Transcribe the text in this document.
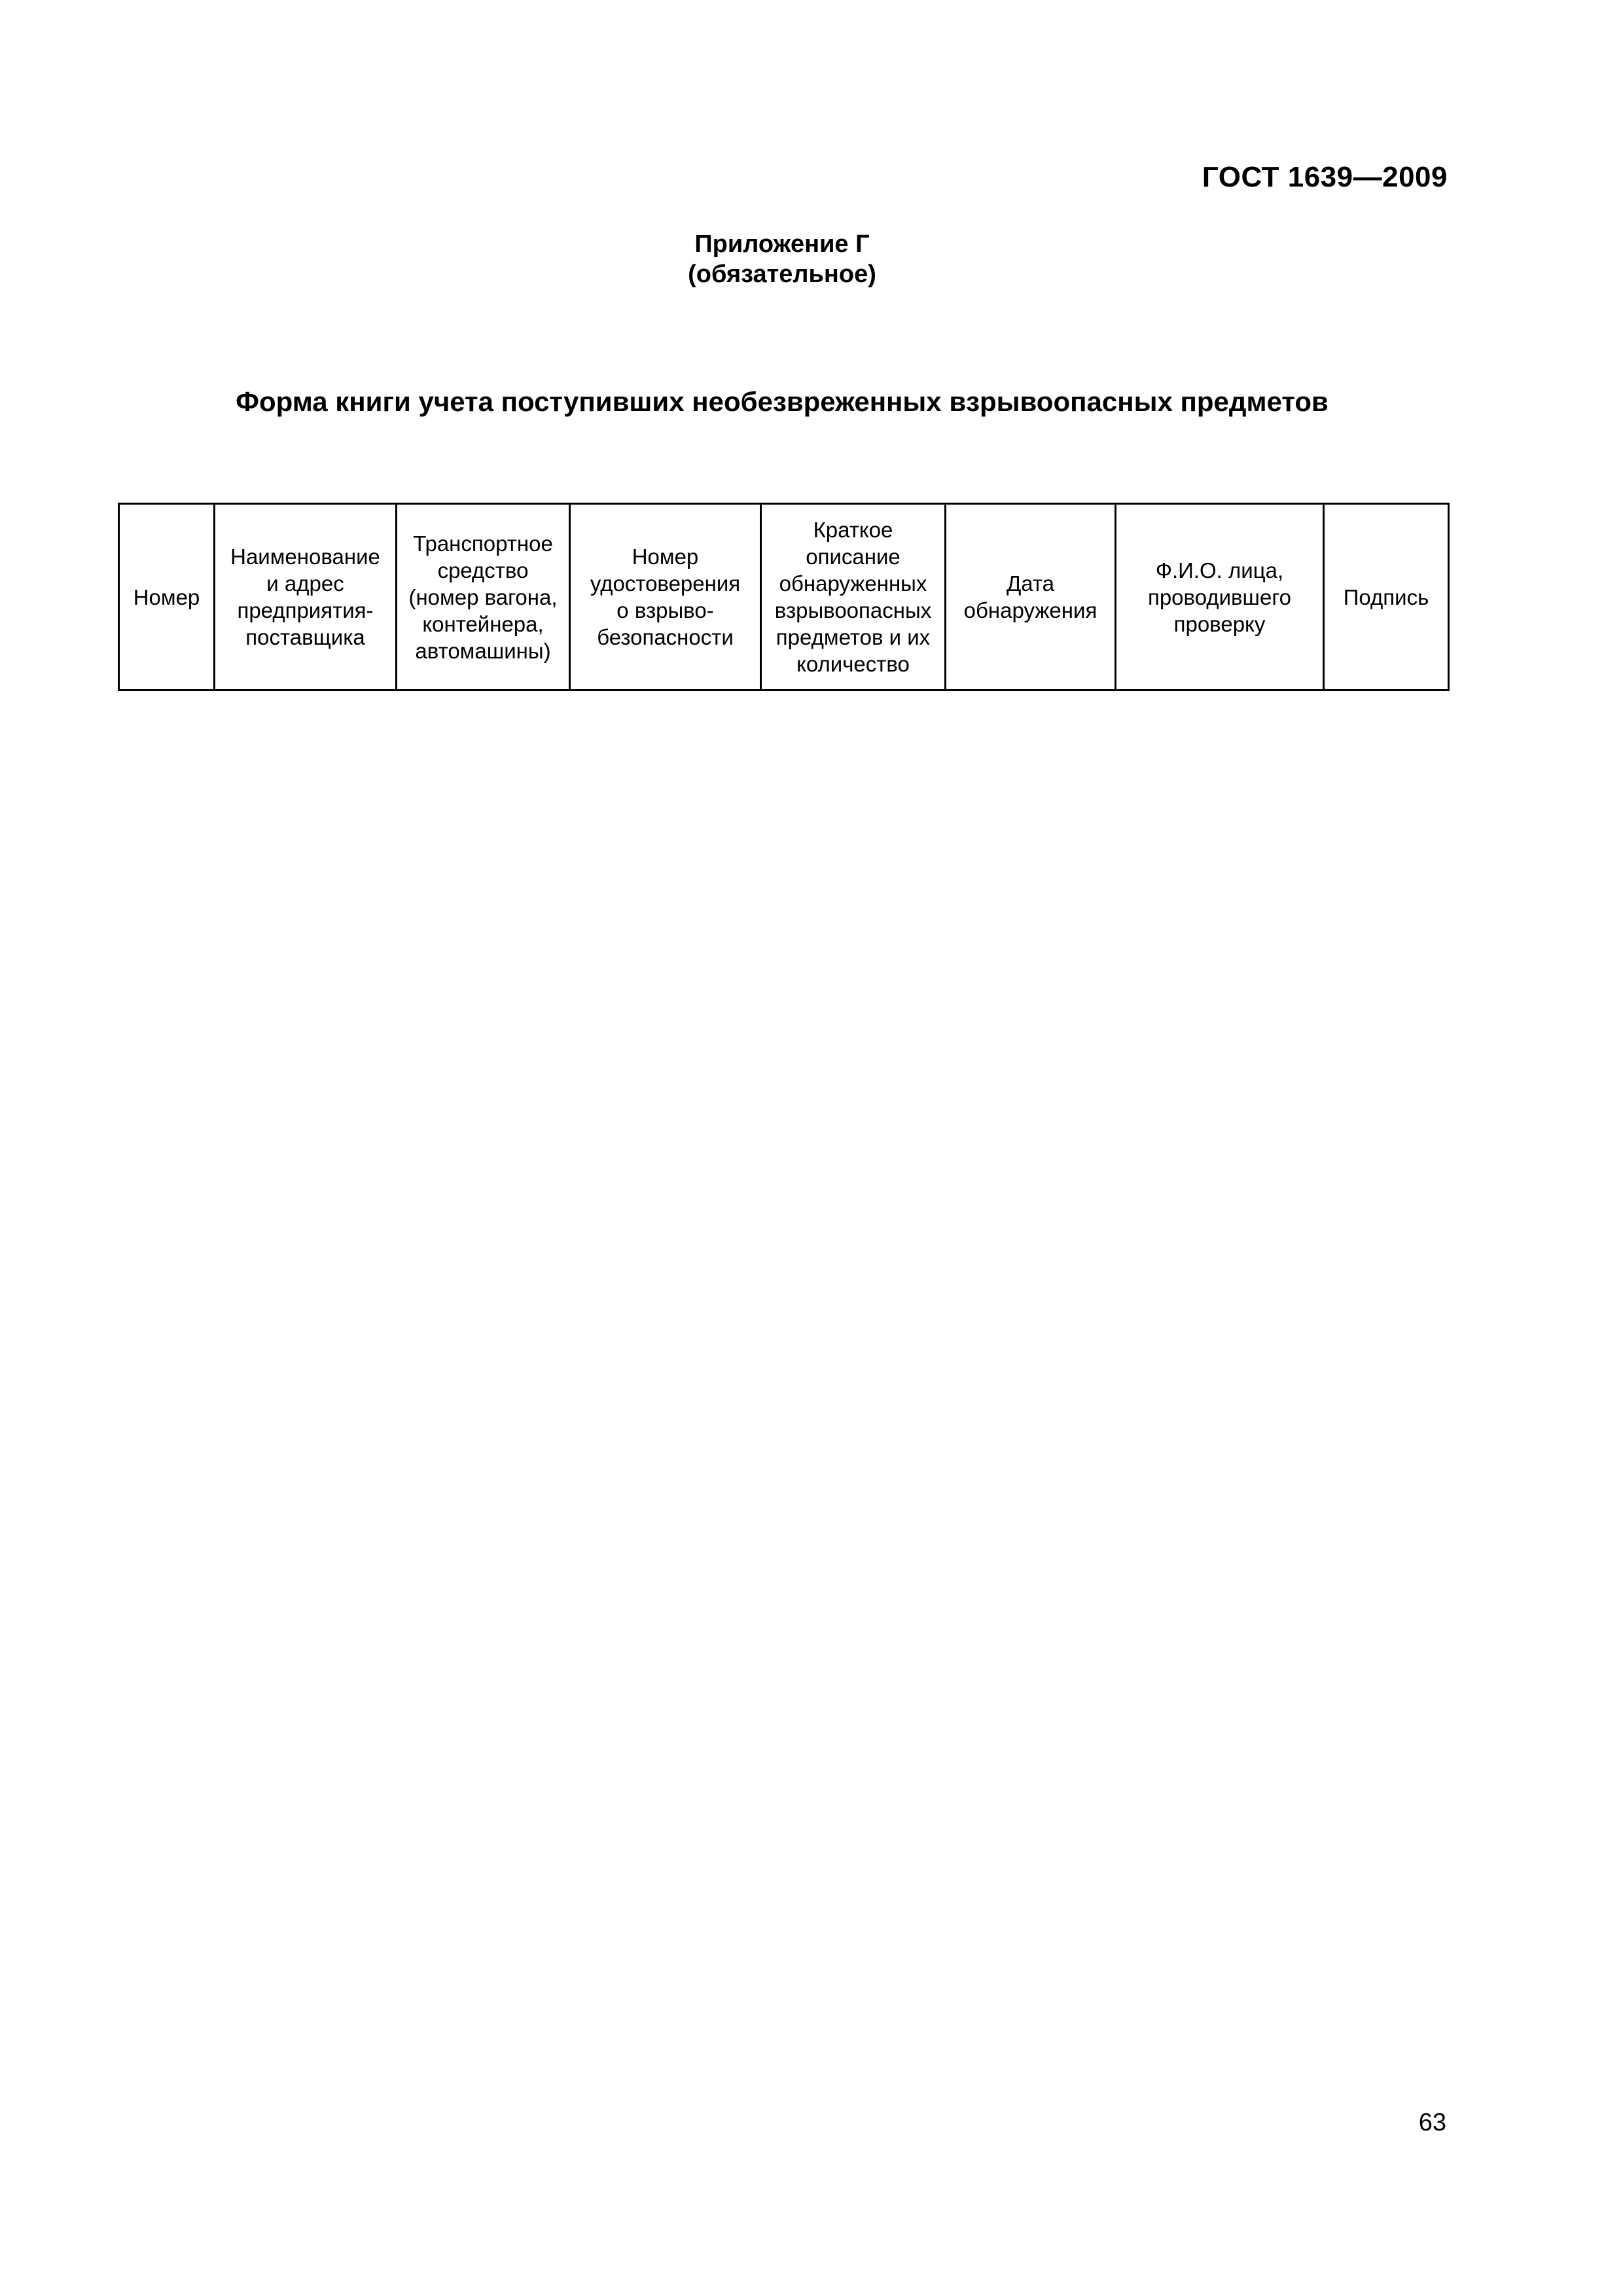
ГОСТ 1639—2009
Приложение Г
(обязательное)
Форма книги учета поступивших необезвреженных взрывоопасных предметов
Номер	Наименование
и адрес
предприятия-
поставщика	Транспортное
средство
(номер вагона,
контейнера,
автомашины)	Номер
удостоверения
о взрыво-
безопасности	Краткое
описание
обнаруженных
взрывоопасных
предметов и их
количество	Дата
обнаружения	Ф.И.О. лица,
проводившего
проверку	Подпись
63
